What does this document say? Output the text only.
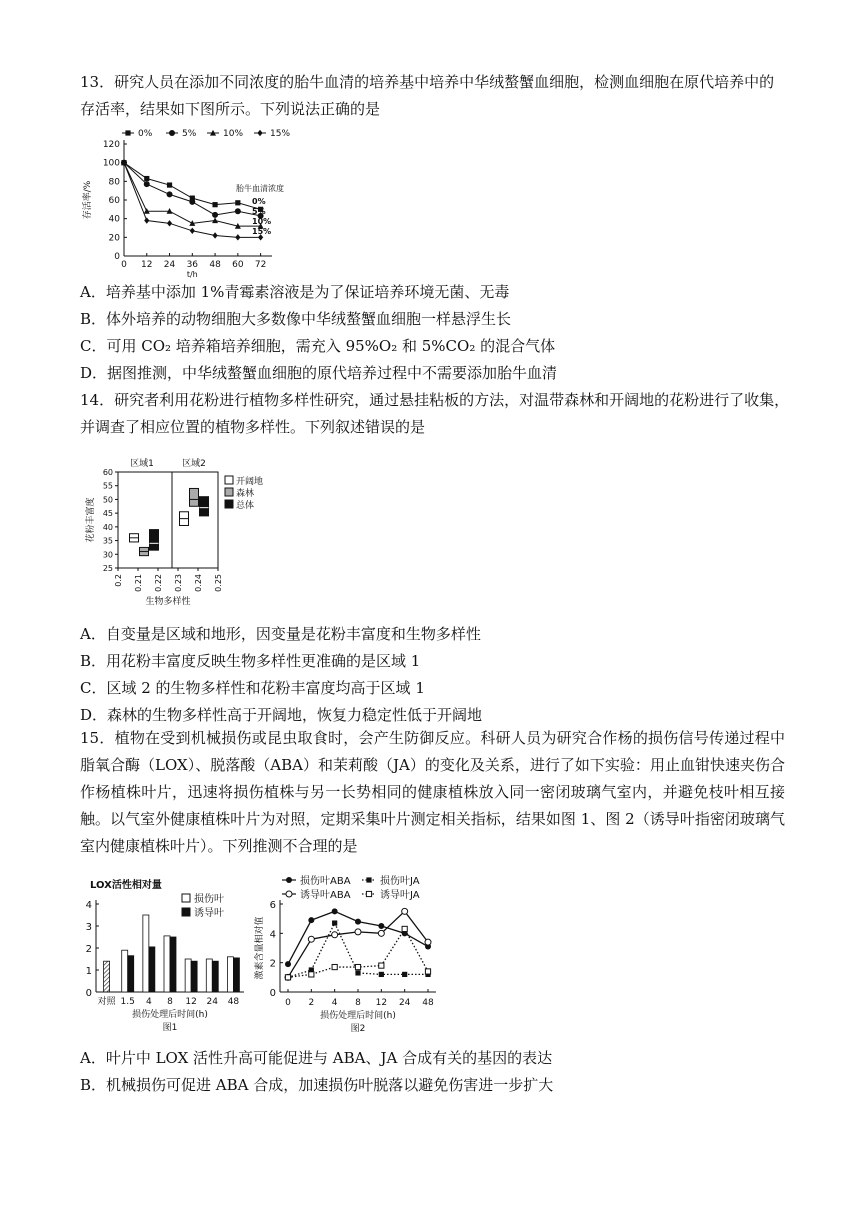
13．研究人员在添加不同浓度的胎牛血清的培养基中培养中华绒螯蟹血细胞，检测血细胞在原代培养中的
存活率，结果如下图所示。下列说法正确的是
0
20
40
60
80
100
120
0 12 24 36 48 60 72
t/h
存活率/%
0%	5%	10%	15%
胎牛血清浓度
0%
5%
10%
15%
A．培养基中添加 1%青霉素溶液是为了保证培养环境无菌、无毒
B．体外培养的动物细胞大多数像中华绒螯蟹血细胞一样悬浮生长
C．可用 CO₂ 培养箱培养细胞，需充入 95%O₂ 和 5%CO₂ 的混合气体
D．据图推测，中华绒螯蟹血细胞的原代培养过程中不需要添加胎牛血清
14．研究者利用花粉进行植物多样性研究，通过悬挂粘板的方法，对温带森林和开阔地的花粉进行了收集，
并调查了相应位置的植物多样性。下列叙述错误的是
区域1	区域2
25
30
35
40
45
50
55
60
0.2 0.21 0.22 0.23 0.24 0.25
生物多样性
花粉丰富度
开阔地
森林
总体
A．自变量是区域和地形，因变量是花粉丰富度和生物多样性
B．用花粉丰富度反映生物多样性更准确的是区域 1
C．区域 2 的生物多样性和花粉丰富度均高于区域 1
D．森林的生物多样性高于开阔地，恢复力稳定性低于开阔地
15．植物在受到机械损伤或昆虫取食时，会产生防御反应。科研人员为研究合作杨的损伤信号传递过程中脂氧合酶（LOX）、脱落酸（ABA）和茉莉酸（JA）的变化及关系，进行了如下实验：用止血钳快速夹伤合作杨植株叶片，迅速将损伤植株与另一长势相同的健康植株放入同一密闭玻璃气室内，并避免枝叶相互接触。以气室外健康植株叶片为对照，定期采集叶片测定相关指标，结果如图 1、图 2（诱导叶指密闭玻璃气室内健康植株叶片）。下列推测不合理的是
0
1
2
3
4
LOX活性相对量
对照 1.5 4 8 12 24 48
损伤处理后时间(h)
图1
损伤叶
诱导叶
0
2
4
6
0 2 4 8 12 24 48
损伤处理后时间(h)
图2
激素含量相对值
损伤叶ABA
诱导叶ABA
损伤叶JA
诱导叶JA
A．叶片中 LOX 活性升高可能促进与 ABA、JA 合成有关的基因的表达
B．机械损伤可促进 ABA 合成，加速损伤叶脱落以避免伤害进一步扩大
